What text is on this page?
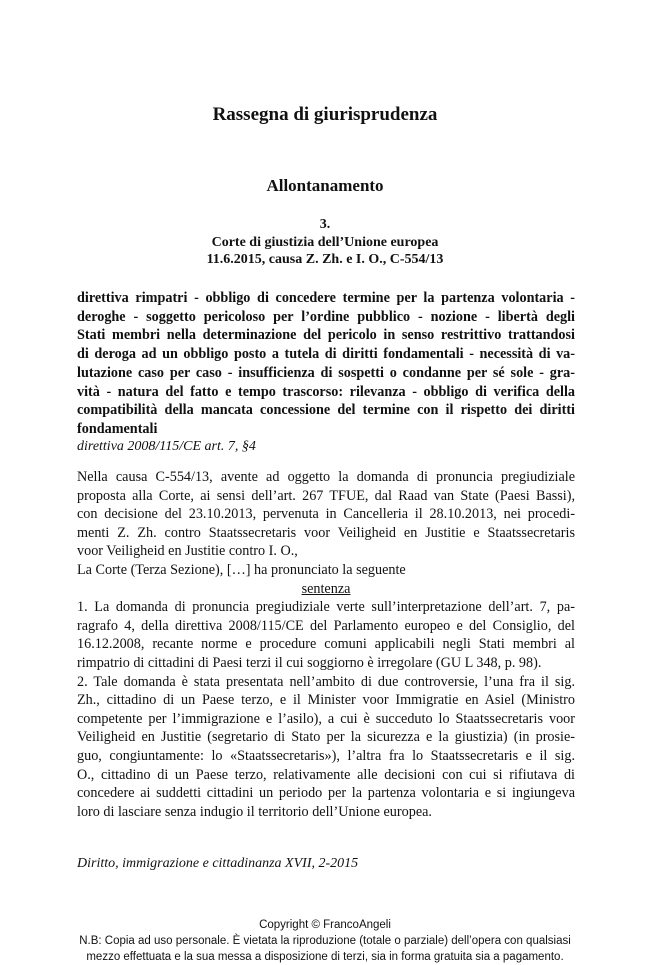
Rassegna di giurisprudenza
Allontanamento
3.
Corte di giustizia dell’Unione europea
11.6.2015, causa Z. Zh. e I. O., C-554/13
direttiva rimpatri - obbligo di concedere termine per la partenza volontaria -
deroghe - soggetto pericoloso per l’ordine pubblico - nozione - libertà degli
Stati membri nella determinazione del pericolo in senso restrittivo trattandosi
di deroga ad un obbligo posto a tutela di diritti fondamentali - necessità di va-
lutazione caso per caso - insufficienza di sospetti o condanne per sé sole - gra-
vità - natura del fatto e tempo trascorso: rilevanza - obbligo di verifica della
compatibilità della mancata concessione del termine con il rispetto dei diritti
fondamentali
direttiva 2008/115/CE art. 7, §4
Nella causa C-554/13, avente ad oggetto la domanda di pronuncia pregiudiziale
proposta alla Corte, ai sensi dell’art. 267 TFUE, dal Raad van State (Paesi Bassi),
con decisione del 23.10.2013, pervenuta in Cancelleria il 28.10.2013, nei procedi-
menti Z. Zh. contro Staatssecretaris voor Veiligheid en Justitie e Staatssecretaris
voor Veiligheid en Justitie contro I. O.,
La Corte (Terza Sezione), […] ha pronunciato la seguente
sentenza
1. La domanda di pronuncia pregiudiziale verte sull’interpretazione dell’art. 7, pa-
ragrafo 4, della direttiva 2008/115/CE del Parlamento europeo e del Consiglio, del
16.12.2008, recante norme e procedure comuni applicabili negli Stati membri al
rimpatrio di cittadini di Paesi terzi il cui soggiorno è irregolare (GU L 348, p. 98).
2. Tale domanda è stata presentata nell’ambito di due controversie, l’una fra il sig.
Zh., cittadino di un Paese terzo, e il Minister voor Immigratie en Asiel (Ministro
competente per l’immigrazione e l’asilo), a cui è succeduto lo Staatssecretaris voor
Veiligheid en Justitie (segretario di Stato per la sicurezza e la giustizia) (in prosie-
guo, congiuntamente: lo «Staatssecretaris»), l’altra fra lo Staatssecretaris e il sig.
O., cittadino di un Paese terzo, relativamente alle decisioni con cui si rifiutava di
concedere ai suddetti cittadini un periodo per la partenza volontaria e si ingiungeva
loro di lasciare senza indugio il territorio dell’Unione europea.
Diritto, immigrazione e cittadinanza XVII, 2-2015
Copyright © FrancoAngeli
N.B: Copia ad uso personale. È vietata la riproduzione (totale o parziale) dell’opera con qualsiasi
mezzo effettuata e la sua messa a disposizione di terzi, sia in forma gratuita sia a pagamento.
